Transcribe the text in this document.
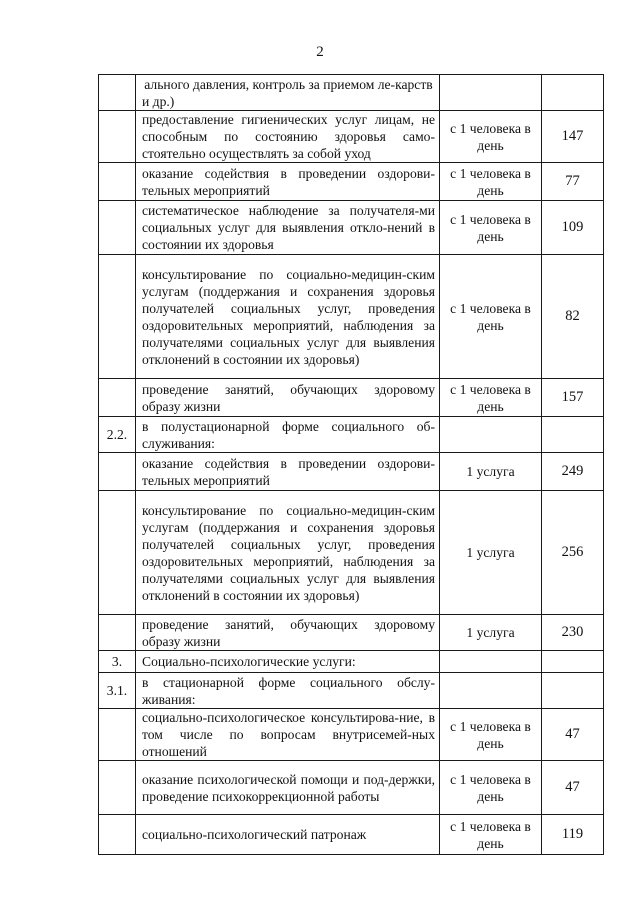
2
	ального давления, контроль за приемом ле-карств и др.)		
	предоставление гигиенических услуг лицам, не способным по состоянию здоровья само-стоятельно осуществлять за собой уход	с 1 человека в день	147
	оказание содействия в проведении оздорови-тельных мероприятий	с 1 человека в день	77
	систематическое наблюдение за получателя-ми социальных услуг для выявления откло-нений в состоянии их здоровья	с 1 человека в день	109
	консультирование по социально-медицин-ским услугам (поддержания и сохранения здоровья получателей социальных услуг, проведения оздоровительных мероприятий, наблюдения за получателями социальных услуг для выявления отклонений в состоянии их здоровья)	с 1 человека в день	82
	проведение занятий, обучающих здоровому образу жизни	с 1 человека в день	157
2.2.	в полустационарной форме социального об-служивания:		
	оказание содействия в проведении оздорови-тельных мероприятий	1 услуга	249
	консультирование по социально-медицин-ским услугам (поддержания и сохранения здоровья получателей социальных услуг, проведения оздоровительных мероприятий, наблюдения за получателями социальных услуг для выявления отклонений в состоянии их здоровья)	1 услуга	256
	проведение занятий, обучающих здоровому образу жизни	1 услуга	230
3.	Социально-психологические услуги:		
3.1.	в стационарной форме социального обслу-живания:		
	социально-психологическое консультирова-ние, в том числе по вопросам внутрисемей-ных отношений	с 1 человека в день	47
	оказание психологической помощи и под-держки, проведение психокоррекционной работы	с 1 человека в день	47
	социально-психологический патронаж	с 1 человека в день	119
